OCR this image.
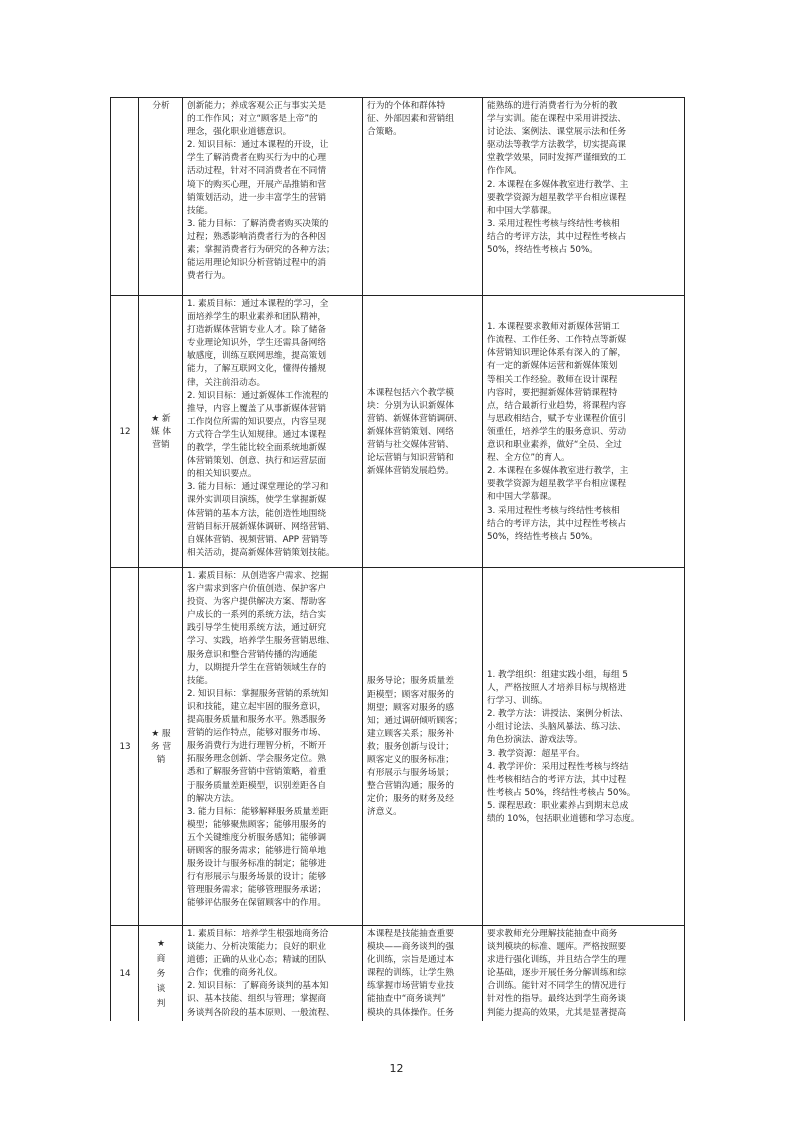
分析	创新能力；养成客观公正与事实关是
的工作作风；对立“顾客是上帝”的
理念，强化职业道德意识。
2. 知识目标：通过本课程的开设，让
学生了解消费者在购买行为中的心理
活动过程，针对不同消费者在不同情
境下的购买心理，开展产品推销和营
销策划活动，进一步丰富学生的营销
技能。
3. 能力目标：了解消费者购买决策的
过程；熟悉影响消费者行为的各种因
素；掌握消费者行为研究的各种方法；
能运用理论知识分析营销过程中的消
费者行为。
行为的个体和群体特
征、外部因素和营销组
合策略。
能熟练的进行消费者行为分析的教
学与实训。能在课程中采用讲授法、
讨论法、案例法、课堂展示法和任务
驱动法等教学方法教学，切实提高课
堂教学效果，同时发挥严谨细致的工
作作风。
2. 本课程在多媒体教室进行教学、主
要教学资源为超星教学平台相应课程
和中国大学慕课。
3. 采用过程性考核与终结性考核相
结合的考评方法，其中过程性考核占
50%，终结性考核占 50%。
12
★ 新
媒 体
营销
1. 素质目标：通过本课程的学习，全
面培养学生的职业素养和团队精神，
打造新媒体营销专业人才。除了储备
专业理论知识外，学生还需具备网络
敏感度，训练互联网思维，提高策划
能力，了解互联网文化，懂得传播规
律，关注前沿动态。
2. 知识目标：通过新媒体工作流程的
推导，内容上覆盖了从事新媒体营销
工作岗位所需的知识要点，内容呈现
方式符合学生认知规律。通过本课程
的教学，学生能比较全面系统地新媒
体营销策划、创意、执行和运营层面
的相关知识要点。
3. 能力目标：通过课堂理论的学习和
课外实训项目演练，使学生掌握新媒
体营销的基本方法，能创造性地围绕
营销目标开展新媒体调研、网络营销、
自媒体营销、视频营销、APP 营销等
相关活动，提高新媒体营销策划技能。
本课程包括六个教学模
块：分别为认识新媒体
营销、新媒体营销调研、
新媒体营销策划、网络
营销与社交媒体营销、
论坛营销与知识营销和
新媒体营销发展趋势。
1. 本课程要求教师对新媒体营销工
作流程、工作任务、工作特点等新媒
体营销知识理论体系有深入的了解，
有一定的新媒体运营和新媒体策划
等相关工作经验。教师在设计课程
内容时，要把握新媒体营销课程特
点，结合最新行业趋势，将课程内容
与思政相结合，赋予专业课程价值引
领重任，培养学生的服务意识、劳动
意识和职业素养，做好“全员、全过
程、全方位”的育人。
2. 本课程在多媒体教室进行教学，主
要教学资源为超星教学平台相应课程
和中国大学慕课。
3. 采用过程性考核与终结性考核相
结合的考评方法，其中过程性考核占
50%，终结性考核占 50%。
13
★ 服
务 营
销
1. 素质目标：从创造客户需求、挖掘
客户需求到客户价值创造、保护客户
投资、为客户提供解决方案、帮助客
户成长的一系列的系统方法，结合实
践引导学生使用系统方法，通过研究
学习、实践，培养学生服务营销思维、
服务意识和整合营销传播的沟通能
力，以期提升学生在营销领域生存的
技能。
2. 知识目标：掌握服务营销的系统知
识和技能，建立起牢固的服务意识，
提高服务质量和服务水平。熟悉服务
营销的运作特点，能够对服务市场、
服务消费行为进行理智分析，不断开
拓服务理念创新、学会服务定位。熟
悉和了解服务营销中营销策略，着重
于服务质量差距模型，识别差距各自
的解决方法。
3. 能力目标：能够解释服务质量差距
模型；能够聚焦顾客；能够用服务的
五个关键维度分析服务感知；能够调
研顾客的服务需求；能够进行简单地
服务设计与服务标准的制定；能够进
行有形展示与服务场景的设计；能够
管理服务需求；能够管理服务承诺；
能够评估服务在保留顾客中的作用。
服务导论；服务质量差
距模型；顾客对服务的
期望；顾客对服务的感
知；通过调研倾听顾客；
建立顾客关系；服务补
救；服务创新与设计；
顾客定义的服务标准；
有形展示与服务场景；
整合营销沟通；服务的
定价；服务的财务及经
济意义。
1. 教学组织：组建实践小组，每组 5
人，严格按照人才培养目标与规格进
行学习、训练。
2. 教学方法：讲授法、案例分析法、
小组讨论法、头脑风暴法、练习法、
角色扮演法、游戏法等。
3. 教学资源：超星平台。
4. 教学评价：采用过程性考核与终结
性考核相结合的考评方法，其中过程
性考核占 50%，终结性考核占 50%。
5. 课程思政：职业素养占到期末总成
绩的 10%，包括职业道德和学习态度。
14
★
商
务
谈
判
1. 素质目标：培养学生根强地商务洽
谈能力、分析决策能力；良好的职业
道德；正确的从业心态；精诚的团队
合作；优雅的商务礼仪。
2. 知识目标：了解商务谈判的基本知
识、基本技能、组织与管理；掌握商
务谈判各阶段的基本原则、一般流程、
本课程是技能抽查重要
模块——商务谈判的强
化训练，宗旨是通过本
课程的训练，让学生熟
练掌握市场营销专业技
能抽查中“商务谈判”
模块的具体操作。任务
要求教师充分理解技能抽查中商务
谈判模块的标准、题库。严格按照要
求进行强化训练，并且结合学生的理
论基础，逐步开展任务分解训练和综
合训练。能针对不同学生的情况进行
针对性的指导。最终达到学生商务谈
判能力提高的效果，尤其是显著提高
12
